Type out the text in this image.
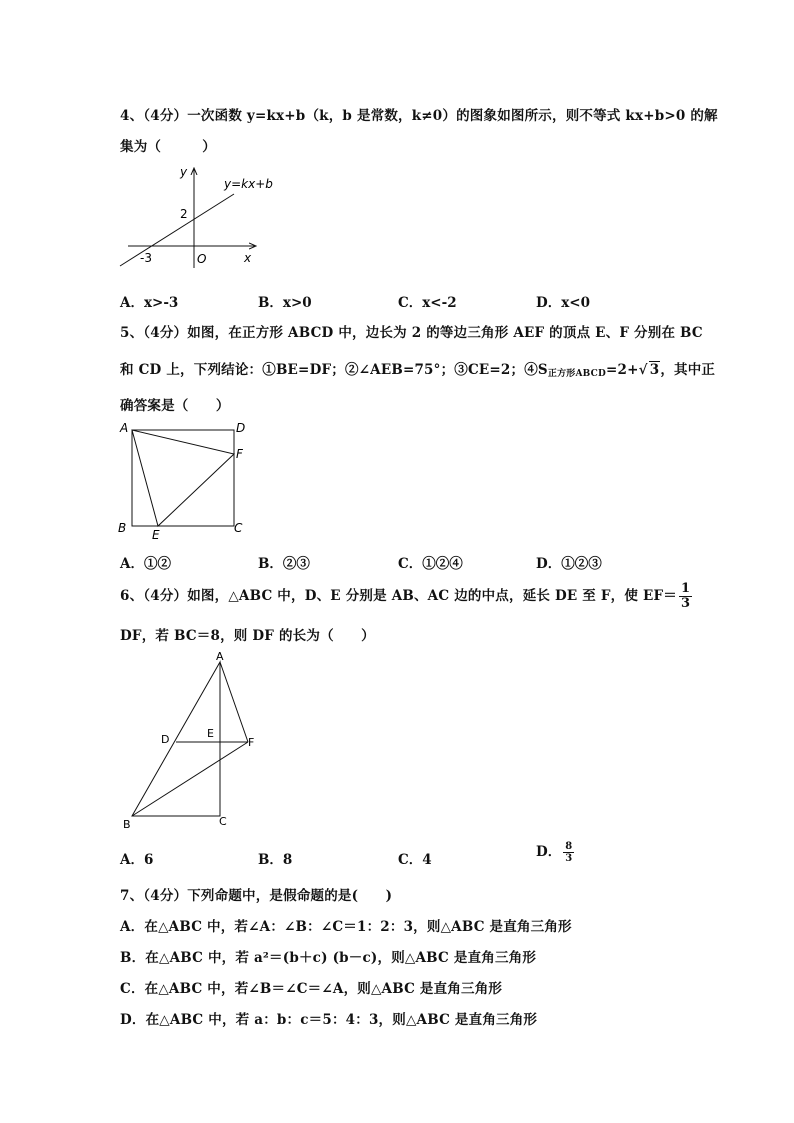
4、（4分）一次函数 y=kx+b（k，b 是常数，k≠0）的图象如图所示，则不等式 kx+b>0 的解
集为（　　　）
y
x
O
-3
2
y=kx+b
A．x>-3	B．x>0	C．x<-2	D．x<0
5、（4分）如图，在正方形 ABCD 中，边长为 2 的等边三角形 AEF 的顶点 E、F 分别在 BC
和 CD 上，下列结论：①BE=DF；②∠AEB=75°；③CE=2；$④S_{正方形ABCD}=2+√$ 3，其中正
确答案是（　　）
A	D
F
B E	C
A．①②	B．②③	C．①②④	D．①②③
6、（4分）如图，△ABC 中，D、E 分别是 AB、AC 边的中点，延长 DE 至 F，使 $EF= \frac{1}{3}$
DF，若 BC＝8，则 DF 的长为（　　）
A
D	E
F
B	C
A．6	B．8	C．4	D． $\frac{8}{3}$
7、（4分）下列命题中，是假命题的是(　　)
A．在△ABC 中，若∠A：∠B：∠C＝1：2：3，则△ABC 是直角三角形
B．在△ABC 中，若 a²＝(b＋c) (b－c)，则△ABC 是直角三角形
C．在△ABC 中，若∠B＝∠C＝∠A，则△ABC 是直角三角形
D．在△ABC 中，若 a：b：c＝5：4：3，则△ABC 是直角三角形
